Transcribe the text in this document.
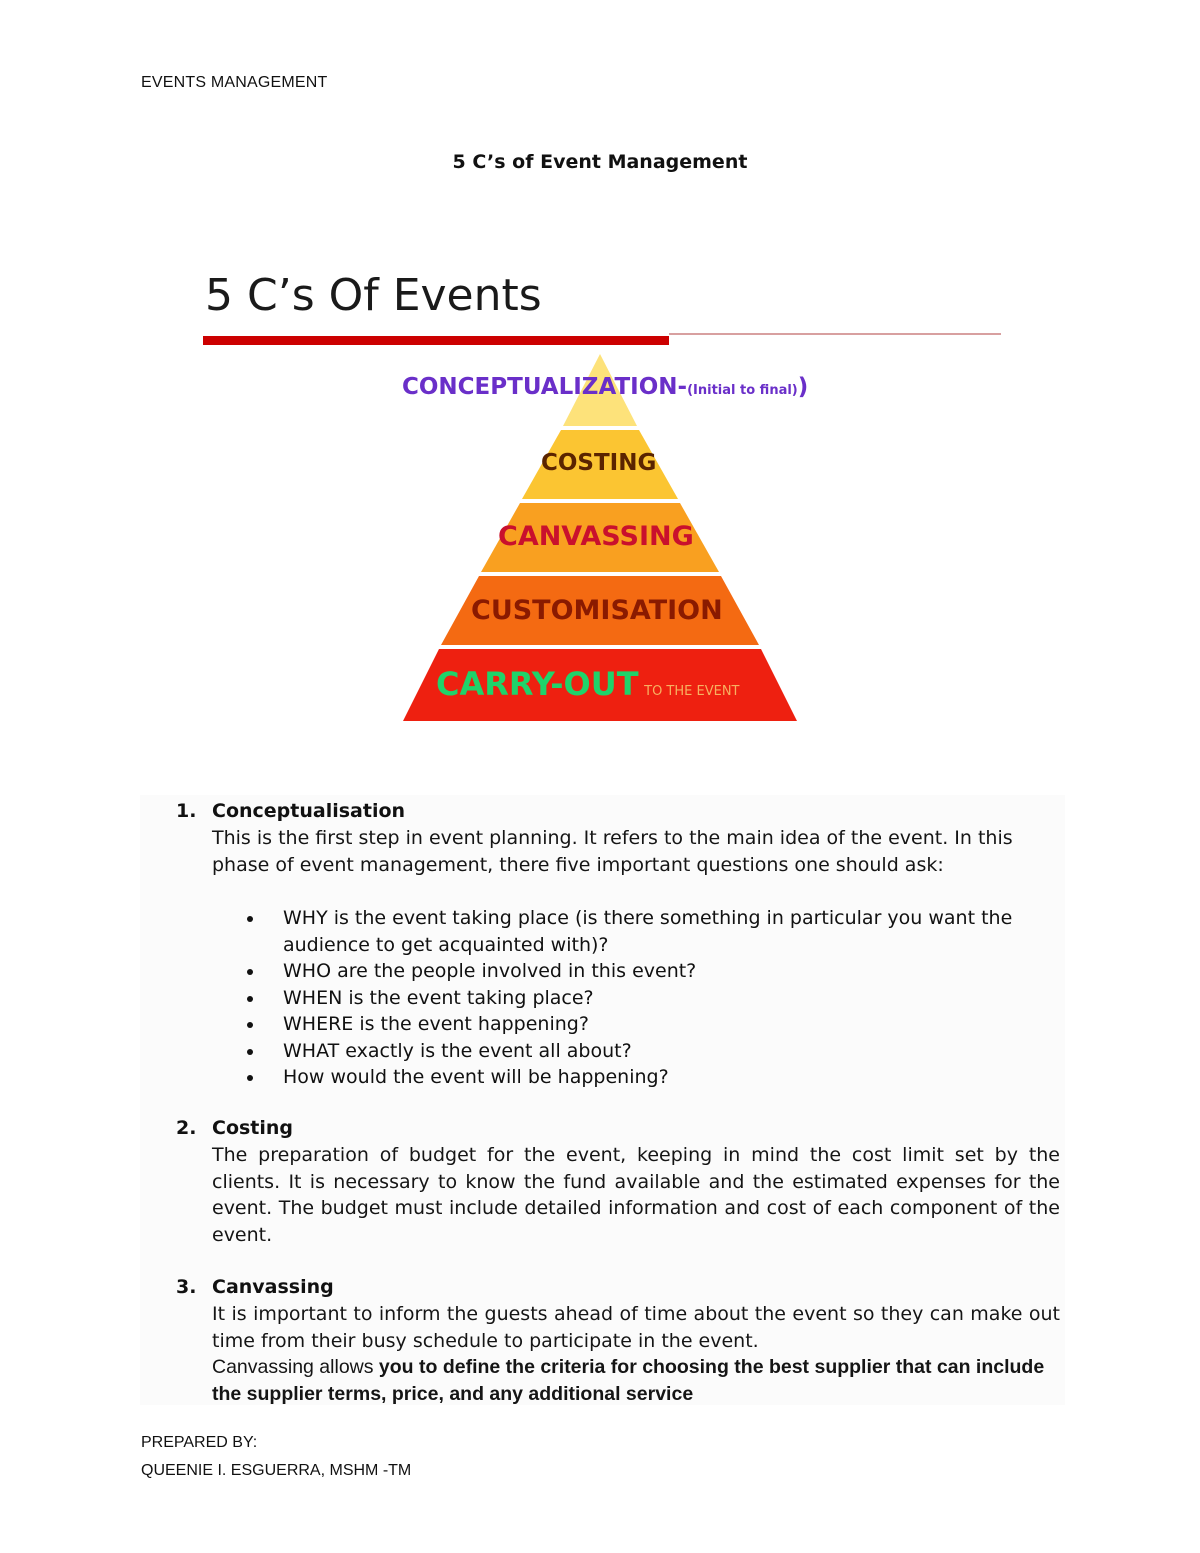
EVENTS MANAGEMENT
5 C’s of Event Management
5 C’s Of Events
CONCEPTUALIZATION-(Initial to final))
COSTING
CANVASSING
CUSTOMISATION
CARRY-OUT TO THE EVENT
1. Conceptualisation
This is the first step in event planning. It refers to the main idea of the event. In this phase of event management, there five important questions one should ask:
WHY is the event taking place (is there something in particular you want the audience to get acquainted with)?
WHO are the people involved in this event?
WHEN is the event taking place?
WHERE is the event happening?
WHAT exactly is the event all about?
How would the event will be happening?
2. Costing
The preparation of budget for the event, keeping in mind the cost limit set by the clients. It is necessary to know the fund available and the estimated expenses for the event. The budget must include detailed information and cost of each component of the event.
3. Canvassing
It is important to inform the guests ahead of time about the event so they can make out time from their busy schedule to participate in the event.
Canvassing allows you to define the criteria for choosing the best supplier that can include the supplier terms, price, and any additional service
PREPARED BY:
QUEENIE I. ESGUERRA, MSHM -TM
